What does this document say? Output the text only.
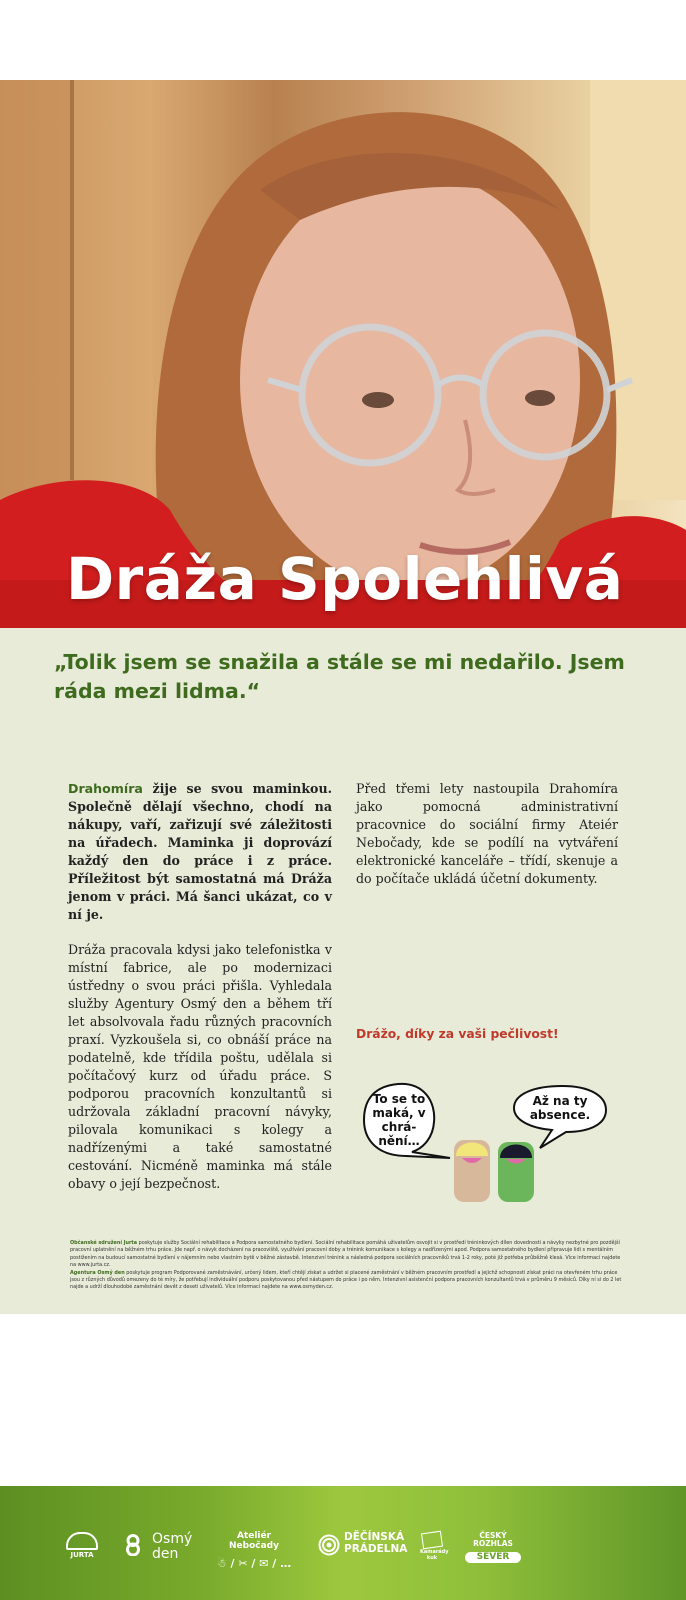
Dráža Spolehlivá

„Tolik jsem se snažila a stále se mi nedařilo. Jsem ráda mezi lidma.“

Drahomíra žije se svou maminkou. Společně dělají všechno, chodí na nákupy, vaří, zařizují své záležitosti na úřadech. Maminka ji doprovází každý den do práce i z práce. Příležitost být samostatná má Dráža jenom v práci. Má šanci ukázat, co v ní je.

Dráža pracovala kdysi jako telefonistka v místní fabrice, ale po modernizaci ústředny o svou práci přišla. Vyhledala služby Agentury Osmý den a během tří let absolvovala řadu různých pracovních praxí. Vyzkoušela si, co obnáší práce na podatelně, kde třídila poštu, udělala si počítačový kurz od úřadu práce. S podporou pracovních konzultantů si udržovala základní pracovní návyky, pilovala komunikaci s kolegy a nadřízenými a také samostatné cestování. Nicméně maminka má stále obavy o její bezpečnost.

Před třemi lety nastoupila Drahomíra jako pomocná administrativní pracovnice do sociální firmy Ateiér Nebočady, kde se podílí na vytváření elektronické kanceláře – třídí, skenuje a do počítače ukládá účetní dokumenty.

Drážo, díky za vaši pečlivost!

To se to maká, v chrá-nění…
Až na ty absence.

Občanské sdružení Jurta poskytuje služby Sociální rehabilitace a Podpora samostatného bydlení. Sociální rehabilitace pomáhá uživatelům osvojit si v prostředí tréninkových dílen dovednosti a návyky nezbytné pro pozdější pracovní uplatnění na běžném trhu práce. Jde např. o návyk docházení na pracoviště, využívání pracovní doby a trénink komunikace s kolegy a nadřízenými apod. Podpora samostatného bydlení připravuje lidi s mentálním postižením na budoucí samostatné bydlení v nájemním nebo vlastním bytě v běžné zástavbě. Intenzivní trénink a následná podpora sociálních pracovníků trvá 1-2 roky, poté již potřeba průběžně klesá. Více informací najdete na www.jurta.cz.
Agentura Osmý den poskytuje program Podporované zaměstnávání, určený lidem, kteří chtějí získat a udržet si placené zaměstnání v běžném pracovním prostředí a jejichž schopnosti získat práci na otevřeném trhu práce jsou z různých důvodů omezeny do té míry, že potřebují individuální podporu poskytovanou před nástupem do práce i po něm. Intenzivní asistenční podpora pracovních konzultantů trvá v průměru 9 měsíců. Díky ní si do 2 let najde a udrží dlouhodobé zaměstnání devět z deseti uživatelů. Více informací najdete na www.osmyden.cz.

JURTA
Osmý den
Ateliér Nebočady
☃ / ✂ / ✉ / …
DĚČÍNSKÁ PRÁDELNA	Kamarády kuk
ČESKÝ ROZHLAS
SEVER
